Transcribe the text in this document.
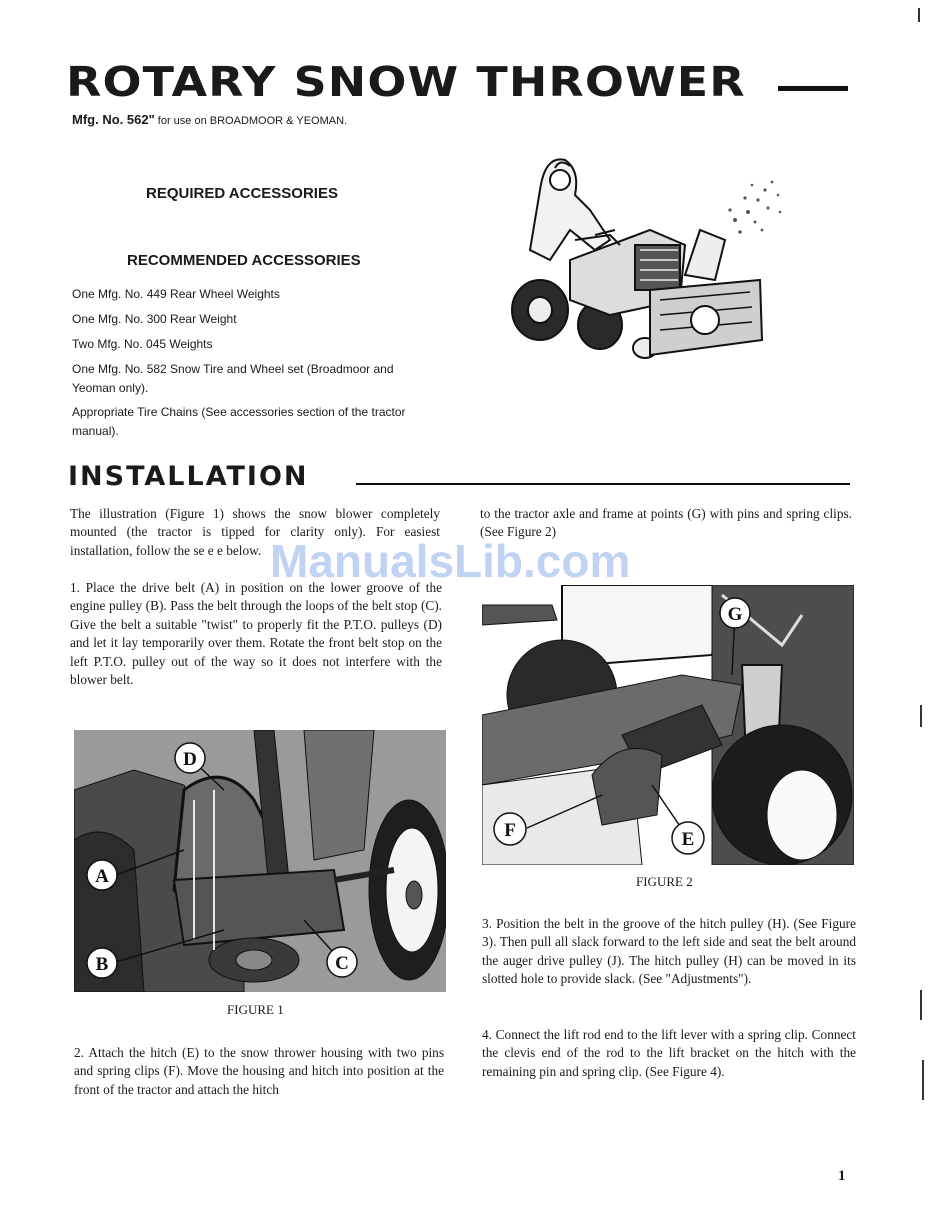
ROTARY SNOW THROWER
Mfg. No. 562" for use on BROADMOOR & YEOMAN.
REQUIRED ACCESSORIES
RECOMMENDED ACCESSORIES
One Mfg. No. 449 Rear Wheel Weights
One Mfg. No. 300 Rear Weight
Two Mfg. No. 045 Weights
One Mfg. No. 582 Snow Tire and Wheel set (Broadmoor and Yeoman only).
Appropriate Tire Chains (See accessories section of the tractor manual).
INSTALLATION
The illustration (Figure 1) shows the snow blower completely mounted (the tractor is tipped for clarity only). For easiest installation, follow the se e e below.
1. Place the drive belt (A) in position on the lower groove of the engine pulley (B). Pass the belt through the loops of the belt stop (C). Give the belt a suitable "twist" to properly fit the P.T.O. pulleys (D) and let it lay temporarily over them. Rotate the front belt stop on the left P.T.O. pulley out of the way so it does not interfere with the blower belt.
D
A
B	C
FIGURE 1
2. Attach the hitch (E) to the snow thrower housing with two pins and spring clips (F). Move the housing and hitch into position at the front of the tractor and attach the hitch
to the tractor axle and frame at points (G) with pins and spring clips. (See Figure 2)
G
F	E
FIGURE 2
3. Position the belt in the groove of the hitch pulley (H). (See Figure 3). Then pull all slack forward to the left side and seat the belt around the auger drive pulley (J). The hitch pulley (H) can be moved in its slotted hole to provide slack. (See "Adjustments").
4. Connect the lift rod end to the lift lever with a spring clip. Connect the clevis end of the rod to the lift bracket on the hitch with the remaining pin and spring clip. (See Figure 4).
ManualsLib.com
1
